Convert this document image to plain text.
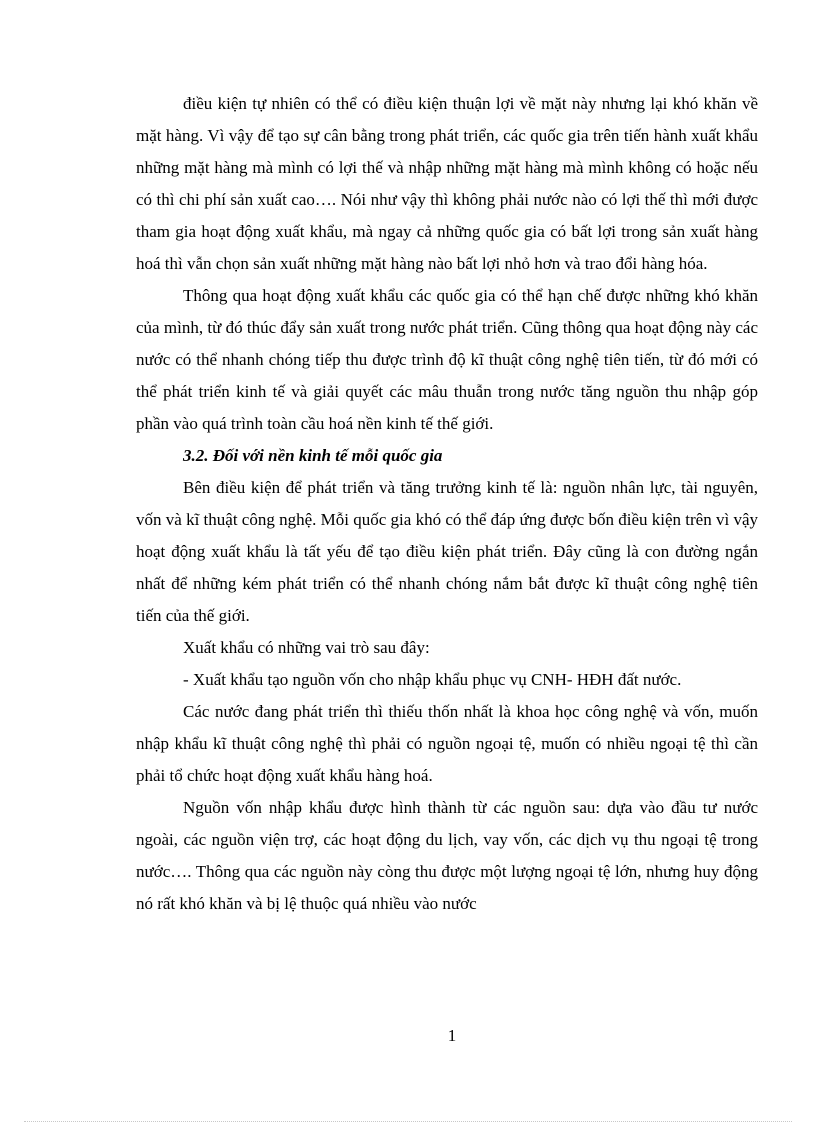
điều kiện tự nhiên có thể có điều kiện thuận lợi về mặt này nhưng lại khó khăn về mặt hàng. Vì vậy để tạo sự cân bằng trong phát triển, các quốc gia trên tiến hành xuất khẩu những mặt hàng mà mình có lợi thế và nhập những mặt hàng mà mình không có hoặc nếu có thì chi phí sản xuất cao…. Nói như vậy thì không phải nước nào có lợi thế thì mới được tham gia hoạt động xuất khẩu, mà ngay cả những quốc gia có bất lợi trong sản xuất hàng hoá thì vẫn chọn sản xuất những mặt hàng nào bất lợi nhỏ hơn và trao đổi hàng hóa.

Thông qua hoạt động xuất khẩu các quốc gia có thể hạn chế được những khó khăn của mình, từ đó thúc đẩy sản xuất trong nước phát triển. Cũng thông qua hoạt động này các nước có thể nhanh chóng tiếp thu được trình độ kĩ thuật công nghệ tiên tiến, từ đó mới có thể phát triển kinh tế và giải quyết các mâu thuẫn trong nước tăng nguồn thu nhập góp phần vào quá trình toàn cầu hoá nền kinh tế thế giới.

3.2. Đối với nền kinh tế mỗi quốc gia

Bên điều kiện để phát triển và tăng trưởng kinh tế là: nguồn nhân lực, tài nguyên, vốn và kĩ thuật công nghệ. Mỗi quốc gia khó có thể đáp ứng được bốn điều kiện trên vì vậy hoạt động xuất khẩu là tất yếu để tạo điều kiện phát triển. Đây cũng là con đường ngắn nhất để những kém phát triển có thể nhanh chóng nắm bắt được kĩ thuật công nghệ tiên tiến của thế giới.

Xuất khẩu có những vai trò sau đây:

- Xuất khẩu tạo nguồn vốn cho nhập khẩu phục vụ CNH- HĐH đất nước.

Các nước đang phát triển thì thiếu thốn nhất là khoa học công nghệ và vốn, muốn nhập khẩu kĩ thuật công nghệ thì phải có nguồn ngoại tệ, muốn có nhiều ngoại tệ thì cần phải tổ chức hoạt động xuất khẩu hàng hoá.

Nguồn vốn nhập khẩu được hình thành từ các nguồn sau: dựa vào đầu tư nước ngoài, các nguồn viện trợ, các hoạt động du lịch, vay vốn, các dịch vụ thu ngoại tệ trong nước…. Thông qua các nguồn này còng thu được một lượng ngoại tệ lớn, nhưng huy động nó rất khó khăn và bị lệ thuộc quá nhiều vào nước

1
